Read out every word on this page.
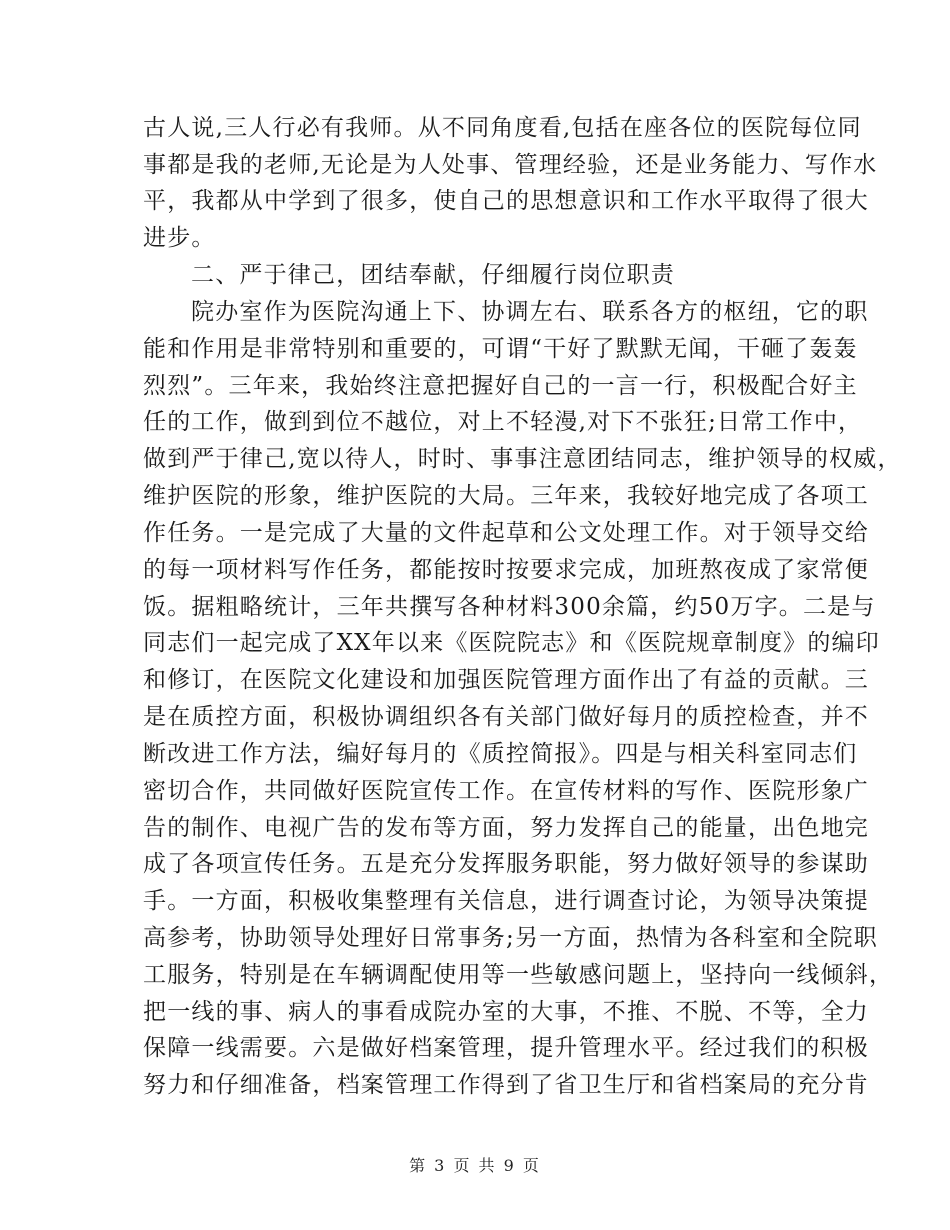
古人说,三人行必有我师。从不同角度看,包括在座各位的医院每位同
事都是我的老师,无论是为人处事、管理经验，还是业务能力、写作水
平，我都从中学到了很多，使自己的思想意识和工作水平取得了很大
进步。
二、严于律己，团结奉献，仔细履行岗位职责
院办室作为医院沟通上下、协调左右、联系各方的枢纽，它的职
能和作用是非常特别和重要的，可谓“干好了默默无闻，干砸了轰轰
烈烈”。三年来，我始终注意把握好自己的一言一行，积极配合好主
任的工作，做到到位不越位，对上不轻漫,对下不张狂;日常工作中，
做到严于律己,宽以待人，时时、事事注意团结同志，维护领导的权威，
维护医院的形象，维护医院的大局。三年来，我较好地完成了各项工
作任务。一是完成了大量的文件起草和公文处理工作。对于领导交给
的每一项材料写作任务，都能按时按要求完成，加班熬夜成了家常便
饭。据粗略统计，三年共撰写各种材料300余篇，约50万字。二是与
同志们一起完成了XX年以来《医院院志》和《医院规章制度》的编印
和修订，在医院文化建设和加强医院管理方面作出了有益的贡献。三
是在质控方面，积极协调组织各有关部门做好每月的质控检查，并不
断改进工作方法，编好每月的《质控简报》。四是与相关科室同志们
密切合作，共同做好医院宣传工作。在宣传材料的写作、医院形象广
告的制作、电视广告的发布等方面，努力发挥自己的能量，出色地完
成了各项宣传任务。五是充分发挥服务职能，努力做好领导的参谋助
手。一方面，积极收集整理有关信息，进行调查讨论，为领导决策提
高参考，协助领导处理好日常事务;另一方面，热情为各科室和全院职
工服务，特别是在车辆调配使用等一些敏感问题上，坚持向一线倾斜，
把一线的事、病人的事看成院办室的大事，不推、不脱、不等，全力
保障一线需要。六是做好档案管理，提升管理水平。经过我们的积极
努力和仔细准备，档案管理工作得到了省卫生厅和省档案局的充分肯
第 3 页 共 9 页
